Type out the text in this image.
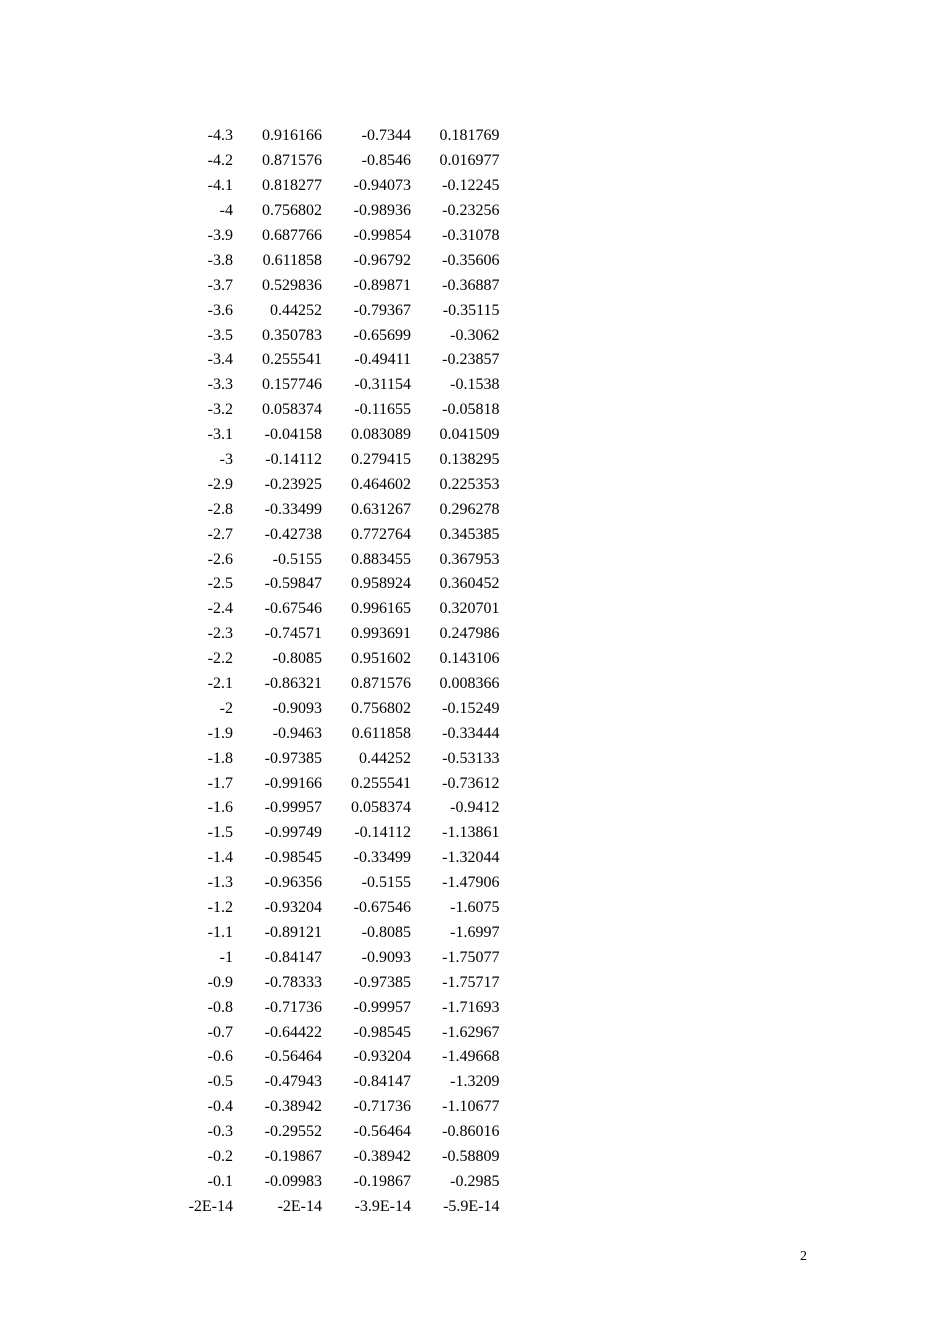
-4.3	0.916166	-0.7344	0.181769
-4.2	0.871576	-0.8546	0.016977
-4.1	0.818277	-0.94073	-0.12245
-4	0.756802	-0.98936	-0.23256
-3.9	0.687766	-0.99854	-0.31078
-3.8	0.611858	-0.96792	-0.35606
-3.7	0.529836	-0.89871	-0.36887
-3.6	0.44252	-0.79367	-0.35115
-3.5	0.350783	-0.65699	-0.3062
-3.4	0.255541	-0.49411	-0.23857
-3.3	0.157746	-0.31154	-0.1538
-3.2	0.058374	-0.11655	-0.05818
-3.1	-0.04158	0.083089	0.041509
-3	-0.14112	0.279415	0.138295
-2.9	-0.23925	0.464602	0.225353
-2.8	-0.33499	0.631267	0.296278
-2.7	-0.42738	0.772764	0.345385
-2.6	-0.5155	0.883455	0.367953
-2.5	-0.59847	0.958924	0.360452
-2.4	-0.67546	0.996165	0.320701
-2.3	-0.74571	0.993691	0.247986
-2.2	-0.8085	0.951602	0.143106
-2.1	-0.86321	0.871576	0.008366
-2	-0.9093	0.756802	-0.15249
-1.9	-0.9463	0.611858	-0.33444
-1.8	-0.97385	0.44252	-0.53133
-1.7	-0.99166	0.255541	-0.73612
-1.6	-0.99957	0.058374	-0.9412
-1.5	-0.99749	-0.14112	-1.13861
-1.4	-0.98545	-0.33499	-1.32044
-1.3	-0.96356	-0.5155	-1.47906
-1.2	-0.93204	-0.67546	-1.6075
-1.1	-0.89121	-0.8085	-1.6997
-1	-0.84147	-0.9093	-1.75077
-0.9	-0.78333	-0.97385	-1.75717
-0.8	-0.71736	-0.99957	-1.71693
-0.7	-0.64422	-0.98545	-1.62967
-0.6	-0.56464	-0.93204	-1.49668
-0.5	-0.47943	-0.84147	-1.3209
-0.4	-0.38942	-0.71736	-1.10677
-0.3	-0.29552	-0.56464	-0.86016
-0.2	-0.19867	-0.38942	-0.58809
-0.1	-0.09983	-0.19867	-0.2985
-2E-14	-2E-14	-3.9E-14	-5.9E-14
2
